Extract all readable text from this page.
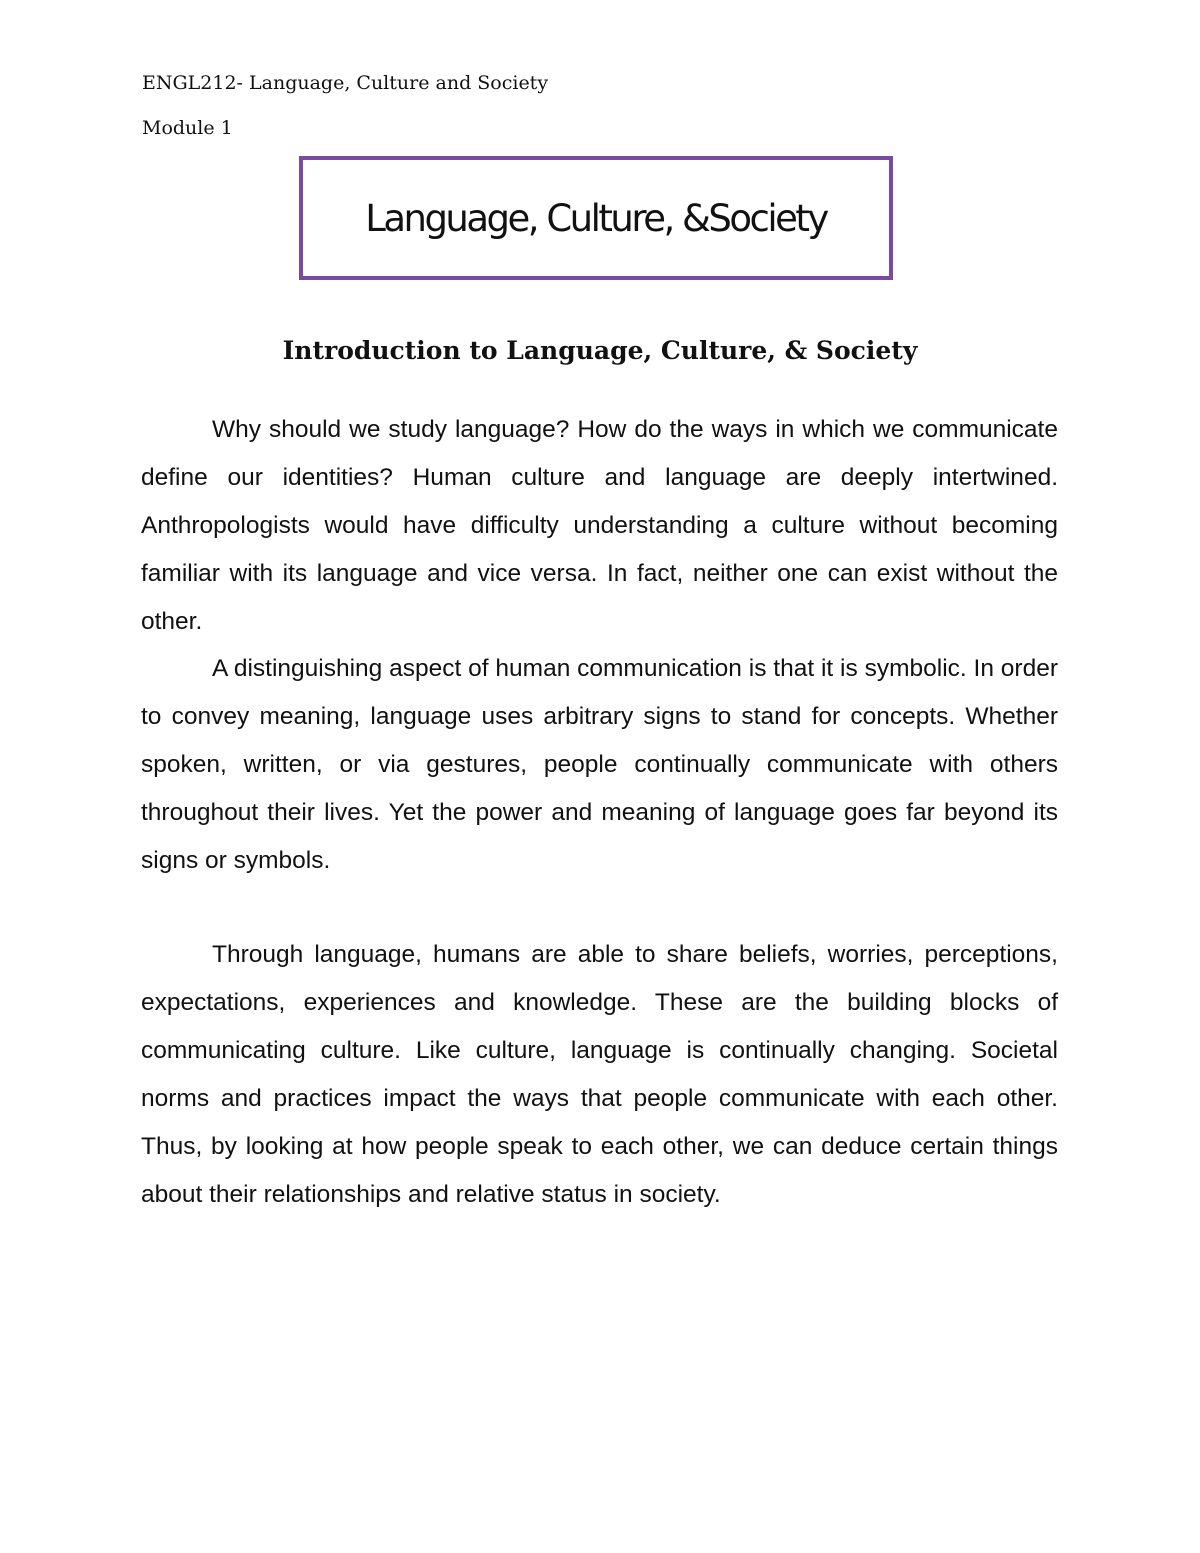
ENGL212- Language, Culture and Society
Module 1
Language, Culture, &Society
Introduction to Language, Culture, & Society

Why should we study language? How do the ways in which we communicate define our identities? Human culture and language are deeply intertwined. Anthropologists would have difficulty understanding a culture without becoming familiar with its language and vice versa. In fact, neither one can exist without the other.

A distinguishing aspect of human communication is that it is symbolic. In order to convey meaning, language uses arbitrary signs to stand for concepts. Whether spoken, written, or via gestures, people continually communicate with others throughout their lives. Yet the power and meaning of language goes far beyond its signs or symbols.

Through language, humans are able to share beliefs, worries, perceptions, expectations, experiences and knowledge. These are the building blocks of communicating culture. Like culture, language is continually changing. Societal norms and practices impact the ways that people communicate with each other. Thus, by looking at how people speak to each other, we can deduce certain things about their relationships and relative status in society.
